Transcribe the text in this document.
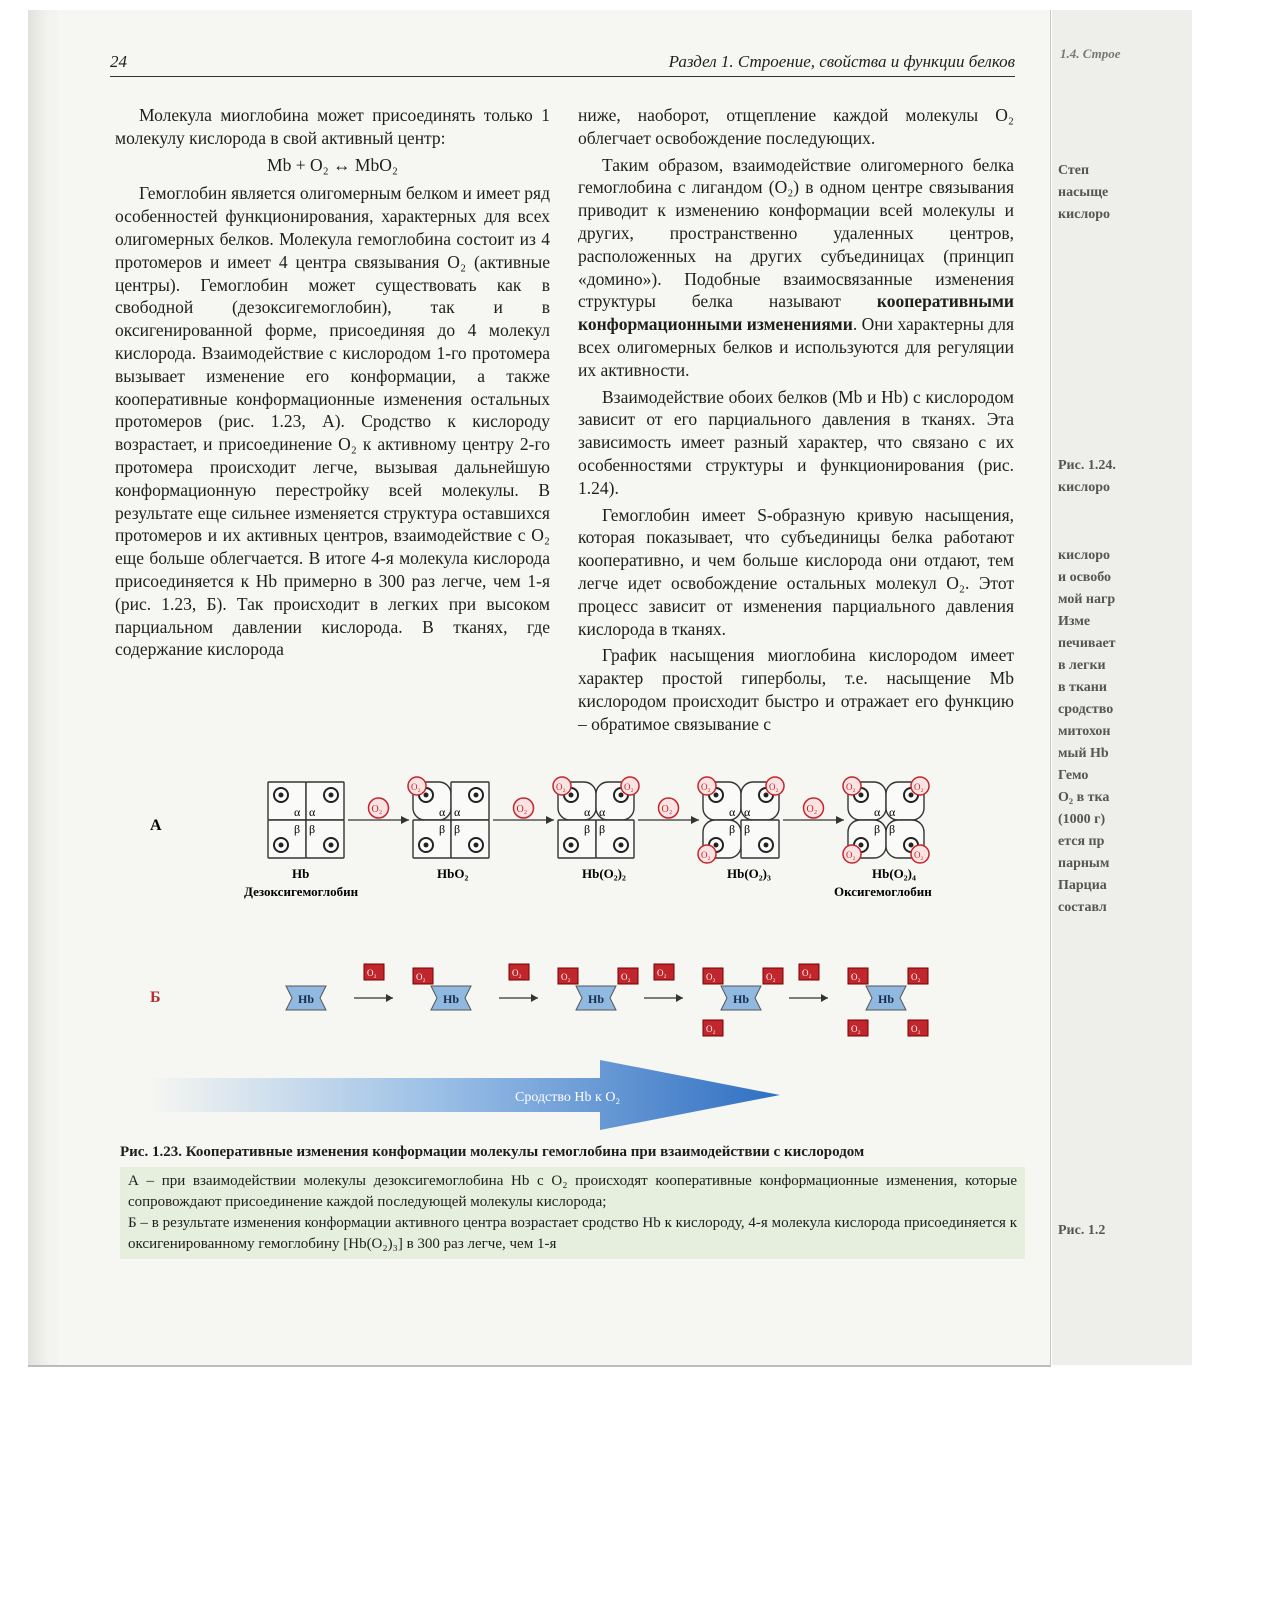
1.4. Строе
Степ
насыще
кислоро
Рис. 1.24.
кислоро
кислоро
и освобо
мой нагр
Изме
печивает
в легки
в ткани
сродство
митохон
мый Hb
Гемо
O₂ в тка
(1000 г)
ется пр
парным
Парциа
составл
Рис. 1.2
24	Раздел 1. Строение, свойства и функции белков

Молекула миоглобина может присоединять только 1 молекулу кислорода в свой активный центр:

Mb + O₂ ↔ MbO₂

Гемоглобин является олигомерным белком и имеет ряд особенностей функционирования, характерных для всех олигомерных белков. Молекула гемоглобина состоит из 4 протомеров и имеет 4 центра связывания O₂ (активные центры). Гемоглобин может существовать как в свободной (дезоксигемоглобин), так и в оксигенированной форме, присоединяя до 4 молекул кислорода. Взаимодействие с кислородом 1-го протомера вызывает изменение его конформации, а также кооперативные конформационные изменения остальных протомеров (рис. 1.23, А). Сродство к кислороду возрастает, и присоединение O₂ к активному центру 2-го протомера происходит легче, вызывая дальнейшую конформационную перестройку всей молекулы. В результате еще сильнее изменяется структура оставшихся протомеров и их активных центров, взаимодействие с O₂ еще больше облегчается. В итоге 4-я молекула кислорода присоединяется к Hb примерно в 300 раз легче, чем 1-я (рис. 1.23, Б). Так происходит в легких при высоком парциальном давлении кислорода. В тканях, где содержание кислорода

ниже, наоборот, отщепление каждой молекулы O₂ облегчает освобождение последующих.

Таким образом, взаимодействие олигомерного белка гемоглобина с лигандом (O₂) в одном центре связывания приводит к изменению конформации всей молекулы и других, пространственно удаленных центров, расположенных на других субъединицах (принцип «домино»). Подобные взаимосвязанные изменения структуры белка называют кооперативными конформационными изменениями. Они характерны для всех олигомерных белков и используются для регуляции их активности.

Взаимодействие обоих белков (Mb и Hb) с кислородом зависит от его парциального давления в тканях. Эта зависимость имеет разный характер, что связано с их особенностями структуры и функционирования (рис. 1.24).

Гемоглобин имеет S-образную кривую насыщения, которая показывает, что субъединицы белка работают кооперативно, и чем больше кислорода они отдают, тем легче идет освобождение остальных молекул O₂. Этот процесс зависит от изменения парциального давления кислорода в тканях.

График насыщения миоглобина кислородом имеет характер простой гиперболы, т.е. насыщение Mb кислородом происходит быстро и отражает его функцию – обратимое связывание с

А
Б
α α
β β
Hb
Дезоксигемоглобин
O₂
O₂
α α
β β
HbO₂
O₂
O₂	O₂
α α
β β
Hb(O₂)₂
O₂
O₂	O₂
O₂
α α
β β
Hb(O₂)₃
O₂
O₂	O₂
O₂	O₂
α α
β β
Hb(O₂)₄
Оксигемоглобин
Hb
O₂
Hb
O₂	O₂
Hb
O₂	O₂	O₂
Hb
O₂	O₂
O₂
O₂
Hb
O₂	O₂
O₂	O₂
Сродство Hb к O₂
Рис. 1.23. Кооперативные изменения конформации молекулы гемоглобина при взаимодействии с кислородом
А – при взаимодействии молекулы дезоксигемоглобина Hb с O₂ происходят кооперативные конформационные изменения, которые сопровождают присоединение каждой последующей молекулы кислорода;
Б – в результате изменения конформации активного центра возрастает сродство Hb к кислороду, 4-я молекула кислорода присоединяется к оксигенированному гемоглобину [Hb(O₂)₃] в 300 раз легче, чем 1-я
